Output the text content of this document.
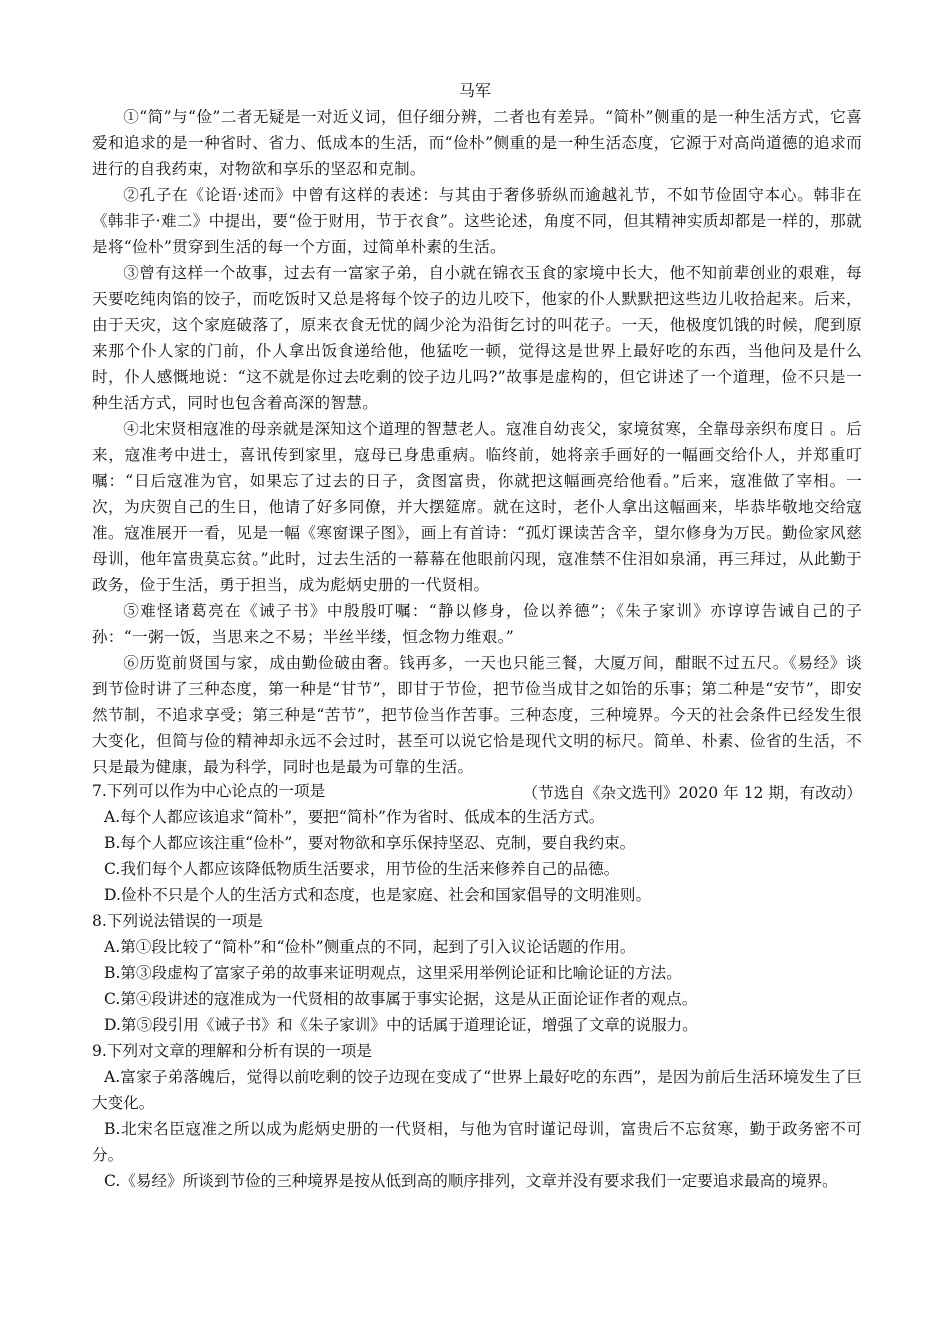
马军

①“简”与“俭”二者无疑是一对近义词，但仔细分辨，二者也有差异。“简朴”侧重的是一种生活方式，它喜爱和追求的是一种省时、省力、低成本的生活，而“俭朴”侧重的是一种生活态度，它源于对高尚道德的追求而进行的自我药束，对物欲和享乐的坚忍和克制。

②孔子在《论语·述而》中曾有这样的表述：与其由于奢侈骄纵而逾越礼节，不如节俭固守本心。韩非在《韩非子·难二》中提出，要“俭于财用，节于衣食”。这些论述，角度不同，但其精神实质却都是一样的，那就是将“俭朴”贯穿到生活的每一个方面，过简单朴素的生活。

③曾有这样一个故事，过去有一富家子弟，自小就在锦衣玉食的家境中长大，他不知前辈创业的艰难，每天要吃纯肉馅的饺子，而吃饭时又总是将每个饺子的边儿咬下，他家的仆人默默把这些边儿收拾起来。后来，由于天灾，这个家庭破落了，原来衣食无忧的阔少沦为沿街乞讨的叫花子。一天，他极度饥饿的时候，爬到原来那个仆人家的门前，仆人拿出饭食递给他，他猛吃一顿，觉得这是世界上最好吃的东西，当他问及是什么时，仆人感慨地说：“这不就是你过去吃剩的饺子边儿吗?”故事是虚构的，但它讲述了一个道理，俭不只是一种生活方式，同时也包含着高深的智慧。

④北宋贤相寇准的母亲就是深知这个道理的智慧老人。寇准自幼丧父，家境贫寒，全靠母亲织布度日 。后来，寇准考中进士，喜讯传到家里，寇母已身患重病。临终前，她将亲手画好的一幅画交给仆人，并郑重叮嘱：“日后寇准为官，如果忘了过去的日子，贪图富贵，你就把这幅画亮给他看。”后来，寇准做了宰相。一次，为庆贺自己的生日，他请了好多同僚，并大摆筵席。就在这时，老仆人拿出这幅画来，毕恭毕敬地交给寇准。寇准展开一看，见是一幅《寒窗课子图》，画上有首诗：“孤灯课读苦含辛，望尔修身为万民。勤俭家风慈母训，他年富贵莫忘贫。”此时，过去生活的一幕幕在他眼前闪现，寇准禁不住泪如泉涌，再三拜过，从此勤于政务，俭于生活，勇于担当，成为彪炳史册的一代贤相。

⑤难怪诸葛亮在《诫子书》中殷殷叮嘱：“静以修身，俭以养德”；《朱子家训》亦谆谆告诫自己的子孙：“一粥一饭，当思来之不易；半丝半缕，恒念物力维艰。”

⑥历览前贤国与家，成由勤俭破由奢。钱再多，一天也只能三餐，大厦万间，酣眠不过五尺。《易经》谈到节俭时讲了三种态度，第一种是“甘节”，即甘于节俭，把节俭当成甘之如饴的乐事；第二种是“安节”，即安然节制，不追求享受；第三种是“苦节”，把节俭当作苦事。三种态度，三种境界。今天的社会条件已经发生很大变化，但简与俭的精神却永远不会过时，甚至可以说它恰是现代文明的标尺。简单、朴素、俭省的生活，不只是最为健康，最为科学，同时也是最为可靠的生活。

（节选自《杂文选刊》2020 年 12 期，有改动）

7.下列可以作为中心论点的一项是

A.每个人都应该追求“简朴”，要把“简朴”作为省时、低成本的生活方式。

B.每个人都应该注重“俭朴”，要对物欲和享乐保持坚忍、克制，要自我约束。

C.我们每个人都应该降低物质生活要求，用节俭的生活来修养自己的品德。

D.俭朴不只是个人的生活方式和态度，也是家庭、社会和国家倡导的文明准则。

8.下列说法错误的一项是

A.第①段比较了“简朴”和“俭朴”侧重点的不同，起到了引入议论话题的作用。

B.第③段虚构了富家子弟的故事来证明观点，这里采用举例论证和比喻论证的方法。

C.第④段讲述的寇准成为一代贤相的故事属于事实论据，这是从正面论证作者的观点。

D.第⑤段引用《诫子书》和《朱子家训》中的话属于道理论证，增强了文章的说服力。

9.下列对文章的理解和分析有误的一项是

A.富家子弟落魄后，觉得以前吃剩的饺子边现在变成了“世界上最好吃的东西”，是因为前后生活环境发生了巨大变化。

B.北宋名臣寇准之所以成为彪炳史册的一代贤相，与他为官时谨记母训，富贵后不忘贫寒，勤于政务密不可分。

C.《易经》所谈到节俭的三种境界是按从低到高的顺序排列，文章并没有要求我们一定要追求最高的境界。
